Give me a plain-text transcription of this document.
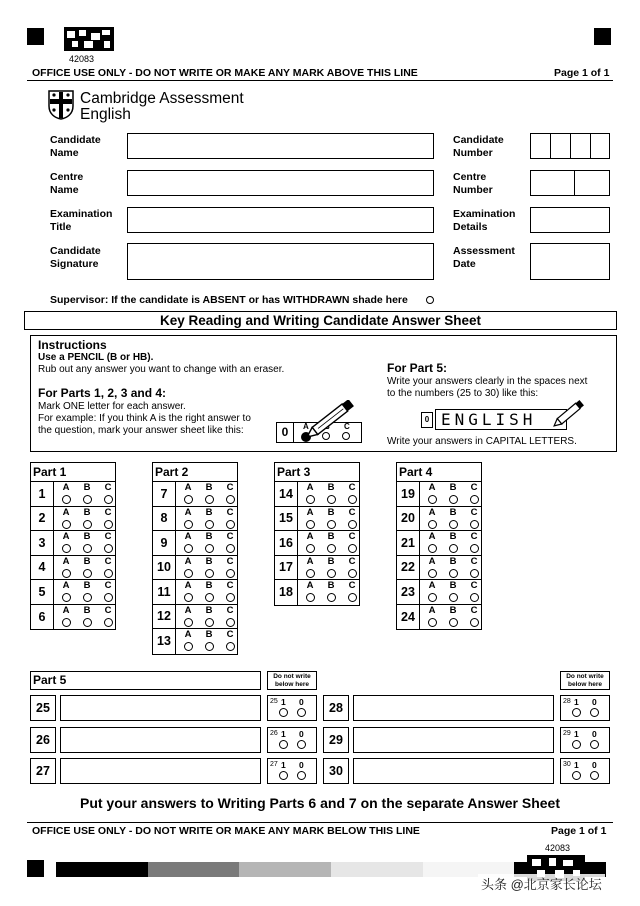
42083
OFFICE USE ONLY - DO NOT WRITE OR MAKE ANY MARK ABOVE THIS LINE	Page 1 of 1
Cambridge Assessment
English
Candidate
Name
Centre
Name
Examination
Title
Candidate
Signature
Candidate
Number
Centre
Number
Examination
Details
Assessment
Date
Supervisor: If the candidate is ABSENT or has WITHDRAWN shade here
Key Reading and Writing Candidate Answer Sheet
Instructions
Use a PENCIL (B or HB).
Rub out any answer you want to change with an eraser.
For Parts 1, 2, 3 and 4:
Mark ONE letter for each answer.
For example: If you think A is the right answer to
the question, mark your answer sheet like this:	0	A	C
For Part 5:
Write your answers clearly in the spaces next
to the numbers (25 to 30) like this:
0 ENGLISH
Write your answers in CAPITAL LETTERS.
Part 1
1	A B C
2	A B C
3	A B C
4	A B C
5	A B C
6	A B C
Part 2
7	A B C
8	A B C
9	A B C
10	A B C
11	A B C
12	A B C
13	A B C
Part 3
14	A B C
15	A B C
16	A B C
17	A B C
18	A B C
Part 4
19	A B C
20	A B C
21	A B C
22	A B C
23	A B C
24	A B C
Part 5	Do not write below here
Do not write below here
25	25 1 0
26	26 1 0
27	27 1 0
28	28 1 0
29	29 1 0
30	30 1 0
Put your answers to Writing Parts 6 and 7 on the separate Answer Sheet
OFFICE USE ONLY - DO NOT WRITE OR MAKE ANY MARK BELOW THIS LINE	Page 1 of 1
42083
头条 @北京家长论坛
